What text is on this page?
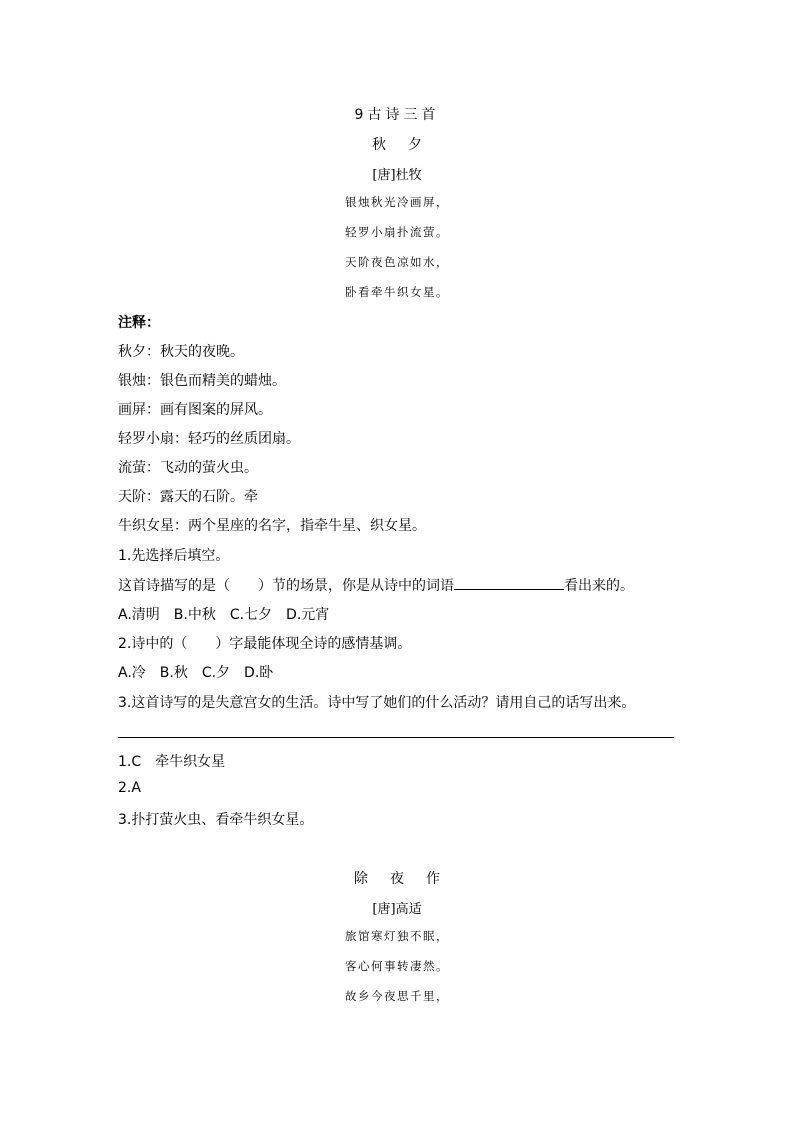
9古诗三首
秋夕
[唐]杜牧
银烛秋光冷画屏，
轻罗小扇扑流萤。
天阶夜色凉如水，
卧看牵牛织女星。
注释：
秋夕：秋天的夜晚。
银烛：银色而精美的蜡烛。
画屏：画有图案的屏风。
轻罗小扇：轻巧的丝质团扇。
流萤：飞动的萤火虫。
天阶：露天的石阶。牵
牛织女星：两个星座的名字，指牵牛星、织女星。
1.先选择后填空。
这首诗描写的是（　　）节的场景，你是从诗中的词语	看出来的。
A.清明　B.中秋　C.七夕　D.元宵
2.诗中的（　　）字最能体现全诗的感情基调。
A.冷　B.秋　C.夕　D.卧
3.这首诗写的是失意宫女的生活。诗中写了她们的什么活动？请用自己的话写出来。
1.C　牵牛织女星
2.A
3.扑打萤火虫、看牵牛织女星。
除夜作
[唐]高适
旅馆寒灯独不眠，
客心何事转凄然。
故乡今夜思千里，
